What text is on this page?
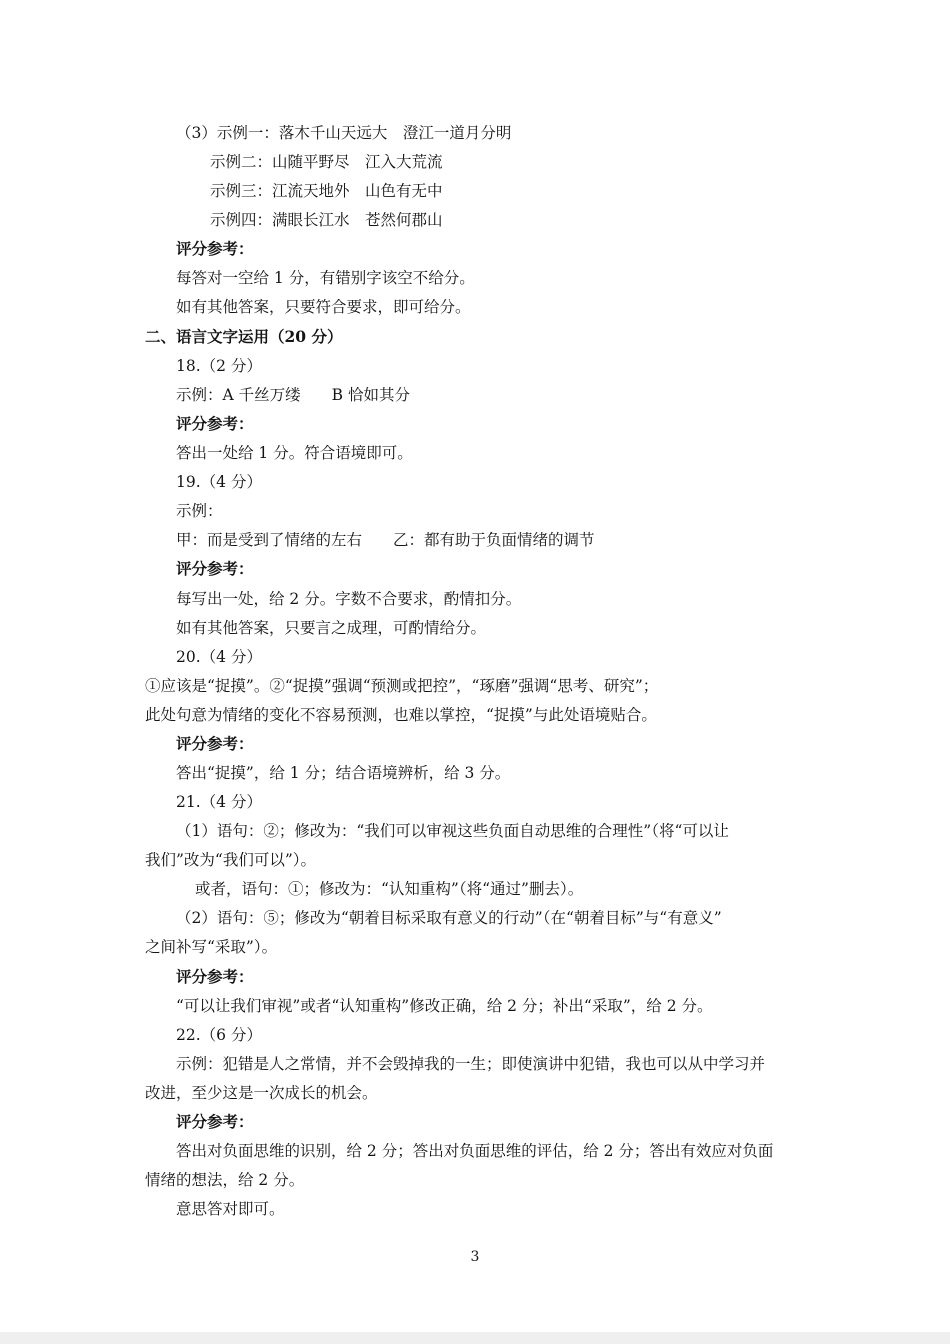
（3）示例一：落木千山天远大　澄江一道月分明
示例二：山随平野尽　江入大荒流
示例三：江流天地外　山色有无中
示例四：满眼长江水　苍然何郡山
评分参考：
每答对一空给 1 分，有错别字该空不给分。
如有其他答案，只要符合要求，即可给分。
二、语言文字运用（20 分）
18.（2 分）
示例：A 千丝万缕　　B 恰如其分
评分参考：
答出一处给 1 分。符合语境即可。
19.（4 分）
示例：
甲：而是受到了情绪的左右　　乙：都有助于负面情绪的调节
评分参考：
每写出一处，给 2 分。字数不合要求，酌情扣分。
如有其他答案，只要言之成理，可酌情给分。
20.（4 分）
①应该是“捉摸”。②“捉摸”强调“预测或把控”，“琢磨”强调“思考、研究”；
此处句意为情绪的变化不容易预测，也难以掌控，“捉摸”与此处语境贴合。
评分参考：
答出“捉摸”，给 1 分；结合语境辨析，给 3 分。
21.（4 分）
（1）语句：②；修改为：“我们可以审视这些负面自动思维的合理性”（将“可以让
我们”改为“我们可以”）。
或者，语句：①；修改为：“认知重构”（将“通过”删去）。
（2）语句：⑤；修改为“朝着目标采取有意义的行动”（在“朝着目标”与“有意义”
之间补写“采取”）。
评分参考：
“可以让我们审视”或者“认知重构”修改正确，给 2 分；补出“采取”，给 2 分。
22.（6 分）
示例：犯错是人之常情，并不会毁掉我的一生；即使演讲中犯错，我也可以从中学习并
改进，至少这是一次成长的机会。
评分参考：
答出对负面思维的识别，给 2 分；答出对负面思维的评估，给 2 分；答出有效应对负面
情绪的想法，给 2 分。
意思答对即可。
3
